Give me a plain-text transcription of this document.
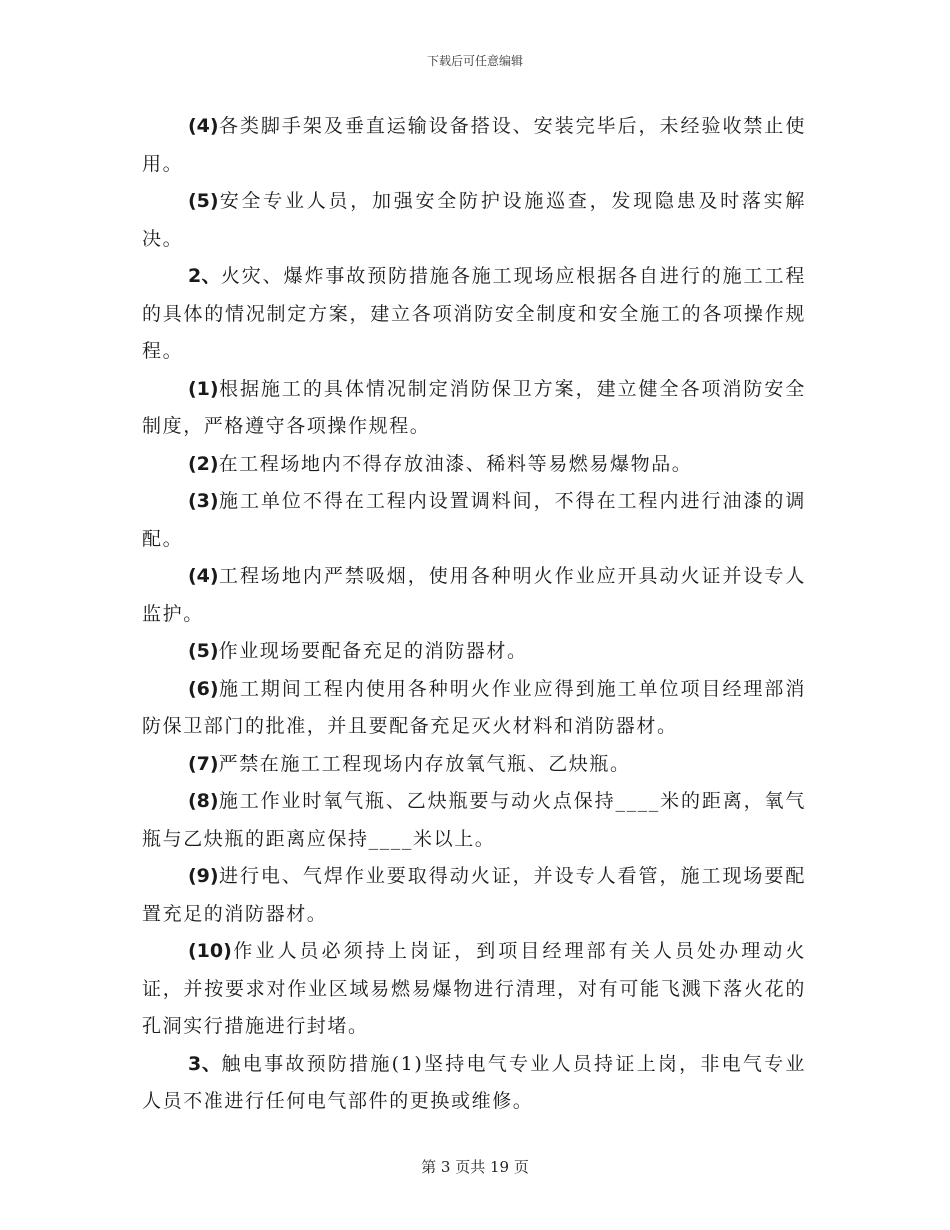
下载后可任意编辑

(4)各类脚手架及垂直运输设备搭设、安装完毕后，未经验收禁止使用。

(5)安全专业人员，加强安全防护设施巡查，发现隐患及时落实解决。

2、火灾、爆炸事故预防措施各施工现场应根据各自进行的施工工程的具体的情况制定方案，建立各项消防安全制度和安全施工的各项操作规程。

(1)根据施工的具体情况制定消防保卫方案，建立健全各项消防安全制度，严格遵守各项操作规程。

(2)在工程场地内不得存放油漆、稀料等易燃易爆物品。

(3)施工单位不得在工程内设置调料间，不得在工程内进行油漆的调配。

(4)工程场地内严禁吸烟，使用各种明火作业应开具动火证并设专人监护。

(5)作业现场要配备充足的消防器材。

(6)施工期间工程内使用各种明火作业应得到施工单位项目经理部消防保卫部门的批准，并且要配备充足灭火材料和消防器材。

(7)严禁在施工工程现场内存放氧气瓶、乙炔瓶。

(8)施工作业时氧气瓶、乙炔瓶要与动火点保持____米的距离，氧气瓶与乙炔瓶的距离应保持____米以上。

(9)进行电、气焊作业要取得动火证，并设专人看管，施工现场要配置充足的消防器材。

(10)作业人员必须持上岗证，到项目经理部有关人员处办理动火证，并按要求对作业区域易燃易爆物进行清理，对有可能飞溅下落火花的孔洞实行措施进行封堵。

3、触电事故预防措施(1)坚持电气专业人员持证上岗，非电气专业人员不准进行任何电气部件的更换或维修。

第 3 页共 19 页
